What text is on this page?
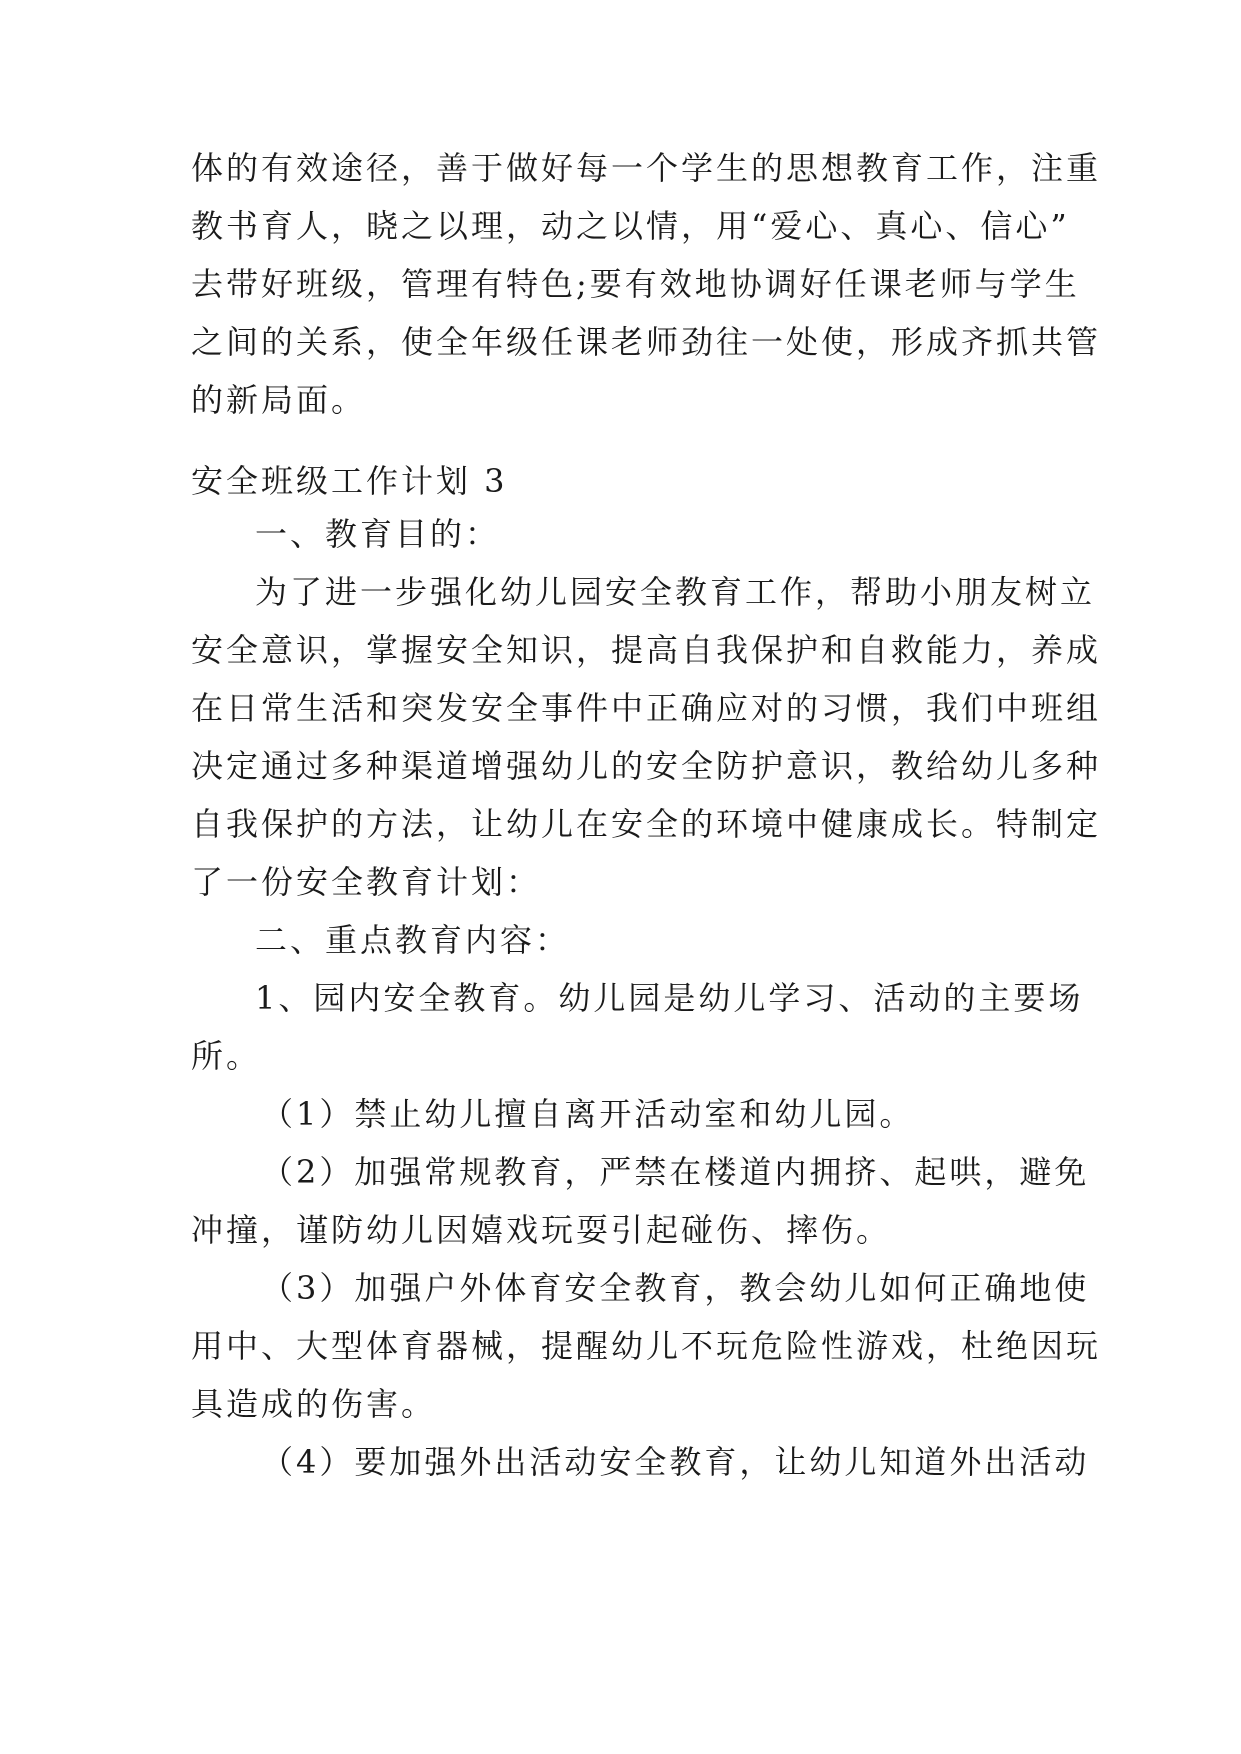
体的有效途径，善于做好每一个学生的思想教育工作，注重
教书育人，晓之以理，动之以情，用“爱心、真心、信心”
去带好班级，管理有特色;要有效地协调好任课老师与学生
之间的关系，使全年级任课老师劲往一处使，形成齐抓共管
的新局面。
安全班级工作计划 3
一、教育目的：
为了进一步强化幼儿园安全教育工作，帮助小朋友树立
安全意识，掌握安全知识，提高自我保护和自救能力，养成
在日常生活和突发安全事件中正确应对的习惯，我们中班组
决定通过多种渠道增强幼儿的安全防护意识，教给幼儿多种
自我保护的方法，让幼儿在安全的环境中健康成长。特制定
了一份安全教育计划：
二、重点教育内容：
1、园内安全教育。幼儿园是幼儿学习、活动的主要场
所。
（1）禁止幼儿擅自离开活动室和幼儿园。
（2）加强常规教育，严禁在楼道内拥挤、起哄，避免
冲撞，谨防幼儿因嬉戏玩耍引起碰伤、摔伤。
（3）加强户外体育安全教育，教会幼儿如何正确地使
用中、大型体育器械，提醒幼儿不玩危险性游戏，杜绝因玩
具造成的伤害。
（4）要加强外出活动安全教育，让幼儿知道外出活动
